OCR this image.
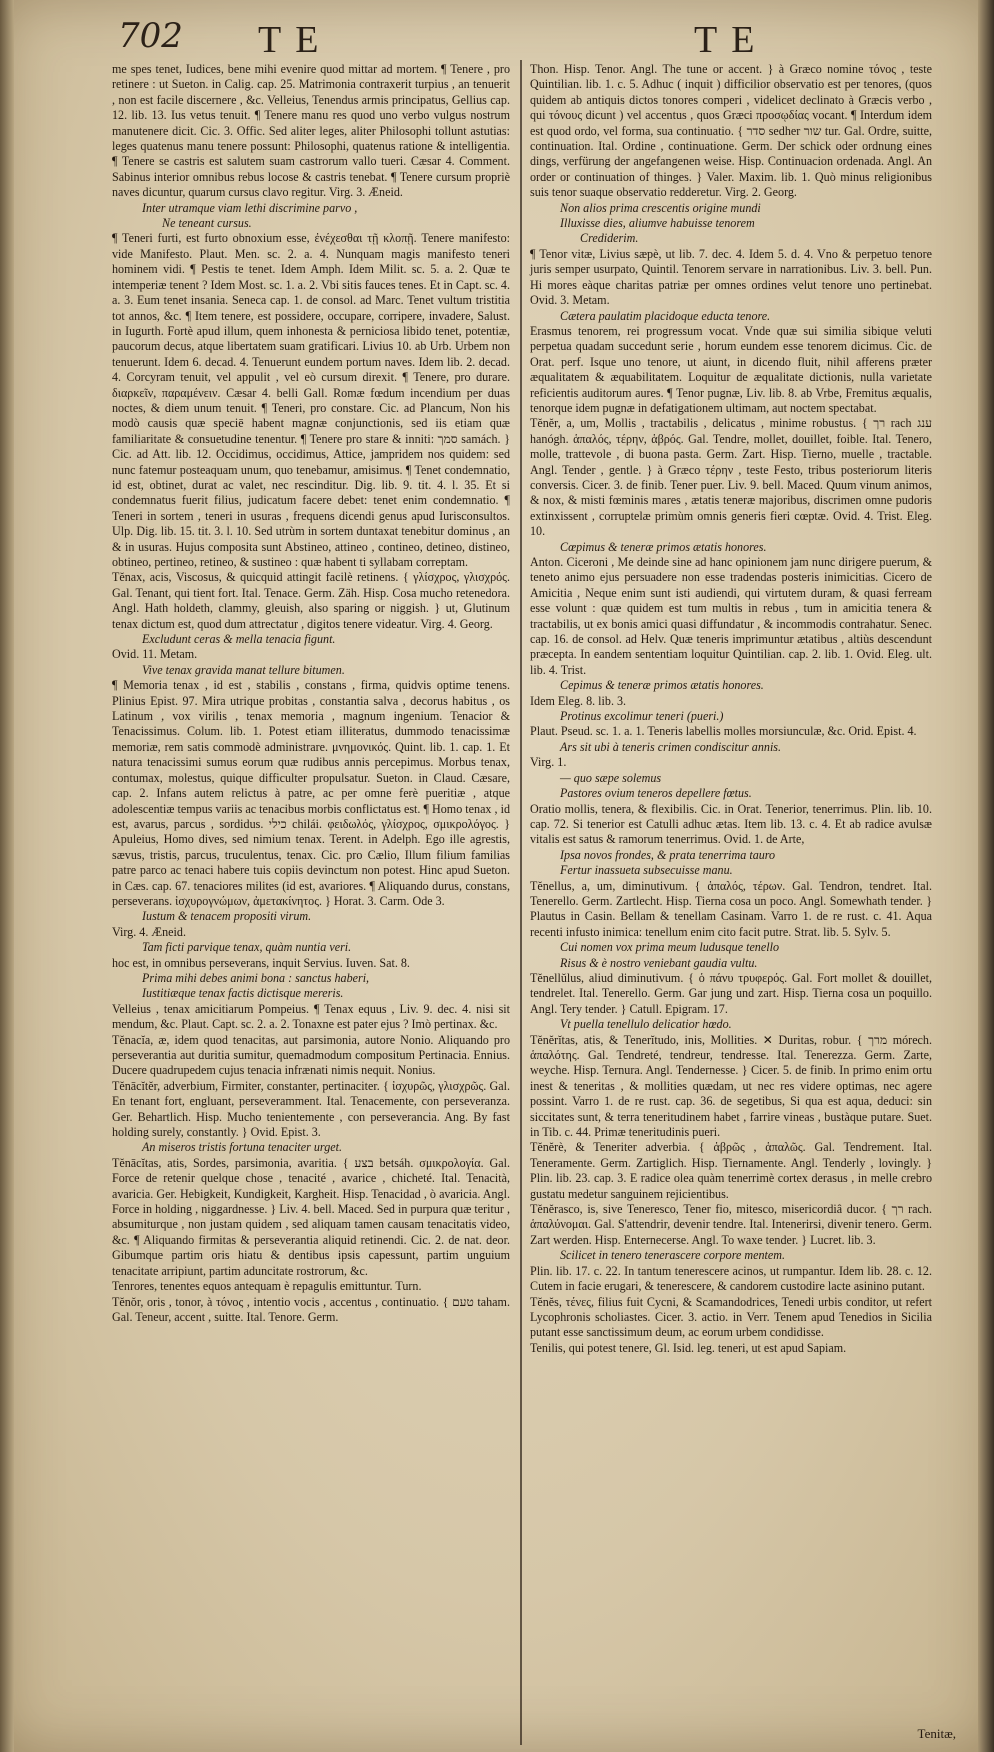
702 TE	TE

me spes tenet, Iudices, bene mihi evenire quod mittar ad mortem. ¶ Tenere , pro retinere : ut Sueton. in Calig. cap. 25. Matrimonia contraxerit turpius , an tenuerit , non est facile discernere , &c. Velleius, Tenendus armis principatus, Gellius cap. 12. lib. 13. Ius vetus tenuit. ¶ Tenere manu res quod uno verbo vulgus nostrum manutenere dicit. Cic. 3. Offic. Sed aliter leges, aliter Philosophi tollunt astutias: leges quatenus manu tenere possunt: Philosophi, quatenus ratione & intelligentia. ¶ Tenere se castris est salutem suam castrorum vallo tueri. Cæsar 4. Comment. Sabinus interior omnibus rebus locose & castris tenebat. ¶ Tenere cursum propriè naves dicuntur, quarum cursus clavo regitur. Virg. 3. Æneid.

Inter utramque viam lethi discrimine parvo ,

Ne teneant cursus.

¶ Teneri furti, est furto obnoxium esse, ἐνέχεσθαι τῇ κλοπῇ. Tenere manifesto: vide Manifesto. Plaut. Men. sc. 2. a. 4. Nunquam magis manifesto teneri hominem vidi. ¶ Pestis te tenet. Idem Amph. Idem Milit. sc. 5. a. 2. Quæ te intemperiæ tenent ? Idem Most. sc. 1. a. 2. Vbi sitis fauces tenes. Et in Capt. sc. 4. a. 3. Eum tenet insania. Seneca cap. 1. de consol. ad Marc. Tenet vultum tristitia tot annos, &c. ¶ Item tenere, est possidere, occupare, corripere, invadere, Salust. in Iugurth. Fortè apud illum, quem inhonesta & perniciosa libido tenet, potentiæ, paucorum decus, atque libertatem suam gratificari. Livius 10. ab Urb. Urbem non tenuerunt. Idem 6. decad. 4. Tenuerunt eundem portum naves. Idem lib. 2. decad. 4. Corcyram tenuit, vel appulit , vel eò cursum direxit. ¶ Tenere, pro durare. διαρκεῖν, παραμένειν. Cæsar 4. belli Gall. Romæ fœdum incendium per duas noctes, & diem unum tenuit. ¶ Teneri, pro constare. Cic. ad Plancum, Non his modò causis quæ speciē habent magnæ conjunctionis, sed iis etiam quæ familiaritate & consuetudine tenentur. ¶ Tenere pro stare & inniti: סמך samách. } Cic. ad Att. lib. 12. Occidimus, occidimus, Attice, jampridem nos quidem: sed nunc fatemur posteaquam unum, quo tenebamur, amisimus. ¶ Tenet condemnatio, id est, obtinet, durat ac valet, nec rescinditur. Dig. lib. 9. tit. 4. l. 35. Et si condemnatus fuerit filius, judicatum facere debet: tenet enim condemnatio. ¶ Teneri in sortem , teneri in usuras , frequens dicendi genus apud Iurisconsultos. Ulp. Dig. lib. 15. tit. 3. l. 10. Sed utrùm in sortem duntaxat tenebitur dominus , an & in usuras. Hujus composita sunt Abstineo, attineo , contineo, detineo, distineo, obtineo, pertineo, retineo, & sustineo : quæ habent ti syllabam correptam.

Tĕnax, acis, Viscosus, & quicquid attingit facilè retinens. { γλίσχρος, γλισχρός. Gal. Tenant, qui tient fort. Ital. Tenace. Germ. Zäh. Hisp. Cosa mucho retenedora. Angl. Hath holdeth, clammy, gleuish, also sparing or niggish. } ut, Glutinum tenax dictum est, quod dum attrectatur , digitos tenere videatur. Virg. 4. Georg.

Excludunt ceras & mella tenacia figunt.

Ovid. 11. Metam.

Vive tenax gravida manat tellure bitumen.

¶ Memoria tenax , id est , stabilis , constans , firma, quidvis optime tenens. Plinius Epist. 97. Mira utrique probitas , constantia salva , decorus habitus , os Latinum , vox virilis , tenax memoria , magnum ingenium. Tenacior & Tenacissimus. Colum. lib. 1. Potest etiam illiteratus, dummodo tenacissimæ memoriæ, rem satis commodè administrare. μνημονικός. Quint. lib. 1. cap. 1. Et natura tenacissimi sumus eorum quæ rudibus annis percepimus. Morbus tenax, contumax, molestus, quique difficulter propulsatur. Sueton. in Claud. Cæsare, cap. 2. Infans autem relictus à patre, ac per omne ferè pueritiæ , atque adolescentiæ tempus variis ac tenacibus morbis conflictatus est. ¶ Homo tenax , id est, avarus, parcus , sordidus. כילי chilái. φειδωλός, γλίσχρος, σμικρολόγος. } Apuleius, Homo dives, sed nimium tenax. Terent. in Adelph. Ego ille agrestis, sævus, tristis, parcus, truculentus, tenax. Cic. pro Cælio, Illum filium familias patre parco ac tenaci habere tuis copiis devinctum non potest. Hinc apud Sueton. in Cæs. cap. 67. tenaciores milites (id est, avariores. ¶ Aliquando durus, constans, perseverans. ἰσχυρογνώμων, ἀμετακίνητος. } Horat. 3. Carm. Ode 3.

Iustum & tenacem propositi virum.

Virg. 4. Æneid.

Tam ficti parvique tenax, quàm nuntia veri.

hoc est, in omnibus perseverans, inquit Servius. Iuven. Sat. 8.

Prima mihi debes animi bona : sanctus haberi,

Iustitiæque tenax factis dictisque mereris.

Velleius , tenax amicitiarum Pompeius. ¶ Tenax equus , Liv. 9. dec. 4. nisi sit mendum, &c. Plaut. Capt. sc. 2. a. 2. Tonaxne est pater ejus ? Imò pertinax. &c.

Tĕnacĭa, æ, idem quod tenacitas, aut parsimonia, autore Nonio. Aliquando pro perseverantia aut duritia sumitur, quemadmodum compositum Pertinacia. Ennius. Ducere quadrupedem cujus tenacia infrænati nimis nequit. Nonius.

Tĕnācĭtĕr, adverbium, Firmiter, constanter, pertinaciter. { ἰσχυρῶς, γλισχρῶς. Gal. En tenant fort, engluant, perseveramment. Ital. Tenacemente, con perseveranza. Ger. Behartlich. Hisp. Mucho tenientemente , con perseverancia. Ang. By fast holding surely, constantly. } Ovid. Epist. 3.

An miseros tristis fortuna tenaciter urget.

Tĕnācĭtas, atis, Sordes, parsimonia, avaritia. { בצע betsáh. σμικρολογία. Gal. Force de retenir quelque chose , tenacité , avarice , chicheté. Ital. Tenacità, avaricia. Ger. Hebigkeit, Kundigkeit, Kargheit. Hisp. Tenacidad , ò avaricia. Angl. Force in holding , niggardnesse. } Liv. 4. bell. Maced. Sed in purpura quæ teritur , absumiturque , non justam quidem , sed aliquam tamen causam tenacitatis video, &c. ¶ Aliquando firmitas & perseverantia aliquid retinendi. Cic. 2. de nat. deor. Gibumque partim oris hiatu & dentibus ipsis capessunt, partim unguium tenacitate arripiunt, partim aduncitate rostrorum, &c.

Tenrores, tenentes equos antequam è repagulis emittuntur. Turn.

Tĕnŏr, oris , tonor, à τόνος , intentio vocis , accentus , continuatio. { טעם taham. Gal. Teneur, accent , suitte. Ital. Tenore. Germ.

Thon. Hisp. Tenor. Angl. The tune or accent. } à Græco nomine τόνος , teste Quintilian. lib. 1. c. 5. Adhuc ( inquit ) difficilior observatio est per tenores, (quos quidem ab antiquis dictos tonores comperi , videlicet declinato à Græcis verbo , qui τόνους dicunt ) vel accentus , quos Græci προσῳδίας vocant. ¶ Interdum idem est quod ordo, vel forma, sua continuatio. { סדר sedher שור tur. Gal. Ordre, suitte, continuation. Ital. Ordine , continuatione. Germ. Der schick oder ordnung eines dings, verfürung der angefangenen weise. Hisp. Continuacion ordenada. Angl. An order or continuation of thinges. } Valer. Maxim. lib. 1. Quò minus religionibus suis tenor suaque observatio redderetur. Virg. 2. Georg.

Non alios prima crescentis origine mundi

Illuxisse dies, aliumve habuisse tenorem

Crediderim.

¶ Tenor vitæ, Livius sæpè, ut lib. 7. dec. 4. Idem 5. d. 4. Vno & perpetuo tenore juris semper usurpato, Quintil. Tenorem servare in narrationibus. Liv. 3. bell. Pun. Hi mores eàque charitas patriæ per omnes ordines velut tenore uno pertinebat. Ovid. 3. Metam.

Cætera paulatim placidoque educta tenore.

Erasmus tenorem, rei progressum vocat. Vnde quæ sui similia sibique veluti perpetua quadam succedunt serie , horum eundem esse tenorem dicimus. Cic. de Orat. perf. Isque uno tenore, ut aiunt, in dicendo fluit, nihil afferens præter æqualitatem & æquabilitatem. Loquitur de æqualitate dictionis, nulla varietate reficientis auditorum aures. ¶ Tenor pugnæ, Liv. lib. 8. ab Vrbe, Fremitus æqualis, tenorque idem pugnæ in defatigationem ultimam, aut noctem spectabat.

Tĕnĕr, a, um, Mollis , tractabilis , delicatus , minime robustus. { רך rach ענג hanógh. ἁπαλός, τέρην, ἁβρός. Gal. Tendre, mollet, douillet, foible. Ital. Tenero, molle, trattevole , di buona pasta. Germ. Zart. Hisp. Tierno, muelle , tractable. Angl. Tender , gentle. } à Græco τέρην , teste Festo, tribus posteriorum literis conversis. Cicer. 3. de finib. Tener puer. Liv. 9. bell. Maced. Quum vinum animos, & nox, & misti fœminis mares , ætatis teneræ majoribus, discrimen omne pudoris extinxissent , corruptelæ primùm omnis generis fieri cœptæ. Ovid. 4. Trist. Eleg. 10.

Cœpimus & teneræ primos ætatis honores.

Anton. Ciceroni , Me deinde sine ad hanc opinionem jam nunc dirigere puerum, & teneto animo ejus persuadere non esse tradendas posteris inimicitias. Cicero de Amicitia , Neque enim sunt isti audiendi, qui virtutem duram, & quasi ferream esse volunt : quæ quidem est tum multis in rebus , tum in amicitia tenera & tractabilis, ut ex bonis amici quasi diffundatur , & incommodis contrahatur. Senec. cap. 16. de consol. ad Helv. Quæ teneris imprimuntur ætatibus , altiùs descendunt præcepta. In eandem sententiam loquitur Quintilian. cap. 2. lib. 1. Ovid. Eleg. ult. lib. 4. Trist.

Cepimus & teneræ primos ætatis honores.

Idem Eleg. 8. lib. 3.

Protinus excolimur teneri (pueri.)

Plaut. Pseud. sc. 1. a. 1. Teneris labellis molles morsiunculæ, &c. Orid. Epist. 4.

Ars sit ubi à teneris crimen condiscitur annis.

Virg. 1.

— quo sæpe solemus

Pastores ovium teneros depellere fœtus.

Oratio mollis, tenera, & flexibilis. Cic. in Orat. Tenerior, tenerrimus. Plin. lib. 10. cap. 72. Si tenerior est Catulli adhuc ætas. Item lib. 13. c. 4. Et ab radice avulsæ vitalis est satus & ramorum tenerrimus. Ovid. 1. de Arte,

Ipsa novos frondes, & prata tenerrima tauro

Fertur inassueta subsecuisse manu.

Tĕnellus, a, um, diminutivum. { ἁπαλός, τέρων. Gal. Tendron, tendret. Ital. Tenerello. Germ. Zartlecht. Hisp. Tierna cosa un poco. Angl. Somewhath tender. } Plautus in Casin. Bellam & tenellam Casinam. Varro 1. de re rust. c. 41. Aqua recenti infusto inimica: tenellum enim cito facit putre. Strat. lib. 5. Sylv. 5.

Cui nomen vox prima meum ludusque tenello

Risus & è nostro veniebant gaudia vultu.

Tĕnellŭlus, aliud diminutivum. { ὁ πάνυ τρυφερός. Gal. Fort mollet & douillet, tendrelet. Ital. Tenerello. Germ. Gar jung und zart. Hisp. Tierna cosa un poquillo. Angl. Tery tender. } Catull. Epigram. 17.

Vt puella tenellulo delicatior hœdo.

Tĕnĕrĭtas, atis, & Tenerĭtudo, inis, Mollities. ✕ Duritas, robur. { מרך mórech. ἁπαλότης. Gal. Tendreté, tendreur, tendresse. Ital. Tenerezza. Germ. Zarte, weyche. Hisp. Ternura. Angl. Tendernesse. } Cicer. 5. de finib. In primo enim ortu inest & teneritas , & mollities quædam, ut nec res videre optimas, nec agere possint. Varro 1. de re rust. cap. 36. de segetibus, Si qua est aqua, deduci: sin siccitates sunt, & terra teneritudinem habet , farrire vineas , bustàque putare. Suet. in Tib. c. 44. Primæ teneritudinis pueri.

Tĕnĕrè, & Teneriter adverbia. { ἁβρῶς , ἁπαλῶς. Gal. Tendrement. Ital. Teneramente. Germ. Zartiglich. Hisp. Tiernamente. Angl. Tenderly , lovingly. } Plin. lib. 23. cap. 3. E radice olea quàm tenerrimè cortex derasus , in melle crebro gustatu medetur sanguinem rejicientibus.

Tĕnĕrasco, is, sive Tenerescо, Tener fio, mitesco, misericordiâ ducor. { רך rach. ἁπαλύνομαι. Gal. S'attendrir, devenir tendre. Ital. Intenerirsi, divenir tenero. Germ. Zart werden. Hisp. Enternecerse. Angl. To waxe tender. } Lucret. lib. 3.

Scilicet in tenero tenerascere corpore mentem.

Plin. lib. 17. c. 22. In tantum tenerescere acinos, ut rumpantur. Idem lib. 28. c. 12. Cutem in facie erugari, & tenerescere, & candorem custodire lacte asinino putant.

Tĕnĕs, τένες, filius fuit Cycni, & Scamandodrices, Tenedi urbis conditor, ut refert Lycophronis scholiastes. Cicer. 3. actio. in Verr. Tenem apud Tenedios in Sicilia putant esse sanctissimum deum, ac eorum urbem condidisse.

Tenilis, qui potest tenere, Gl. Isid. leg. teneri, ut est apud Sapiam.

Tenitæ,
